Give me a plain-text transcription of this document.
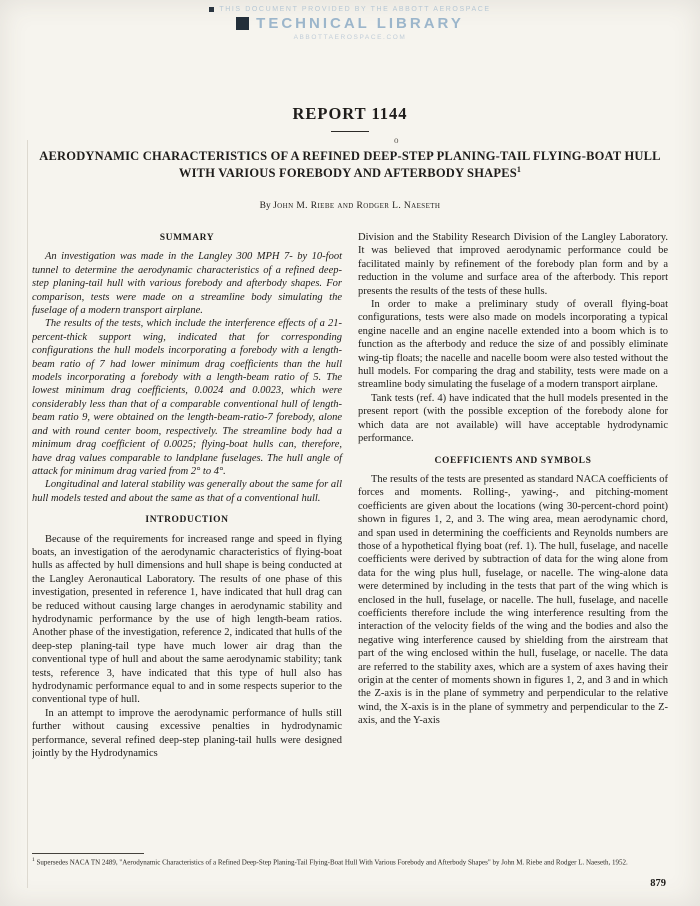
THIS DOCUMENT PROVIDED BY THE ABBOTT AEROSPACE
TECHNICAL LIBRARY
ABBOTTAEROSPACE.COM
REPORT 1144
o
AERODYNAMIC CHARACTERISTICS OF A REFINED DEEP-STEP PLANING-TAIL FLYING-BOAT HULL WITH VARIOUS FOREBODY AND AFTERBODY SHAPES$^1$
By John M. Riebe and Rodger L. Naeseth
SUMMARY

An investigation was made in the Langley 300 MPH 7- by 10-foot tunnel to determine the aerodynamic characteristics of a refined deep-step planing-tail hull with various forebody and afterbody shapes. For comparison, tests were made on a streamline body simulating the fuselage of a modern transport airplane.

The results of the tests, which include the interference effects of a 21-percent-thick support wing, indicated that for corresponding configurations the hull models incorporating a forebody with a length-beam ratio of 7 had lower minimum drag coefficients than the hull models incorporating a forebody with a length-beam ratio of 5. The lowest minimum drag coefficients, 0.0024 and 0.0023, which were considerably less than that of a comparable conventional hull of length-beam ratio 9, were obtained on the length-beam-ratio-7 forebody, alone and with round center boom, respectively. The streamline body had a minimum drag coefficient of 0.0025; flying-boat hulls can, therefore, have drag values comparable to landplane fuselages. The hull angle of attack for minimum drag varied from 2° to 4°.

Longitudinal and lateral stability was generally about the same for all hull models tested and about the same as that of a conventional hull.

INTRODUCTION

Because of the requirements for increased range and speed in flying boats, an investigation of the aerodynamic characteristics of flying-boat hulls as affected by hull dimensions and hull shape is being conducted at the Langley Aeronautical Laboratory. The results of one phase of this investigation, presented in reference 1, have indicated that hull drag can be reduced without causing large changes in aerodynamic stability and hydrodynamic performance by the use of high length-beam ratios. Another phase of the investigation, reference 2, indicated that hulls of the deep-step planing-tail type have much lower air drag than the conventional type of hull and about the same aerodynamic stability; tank tests, reference 3, have indicated that this type of hull also has hydrodynamic performance equal to and in some respects superior to the conventional type of hull.

In an attempt to improve the aerodynamic performance of hulls still further without causing excessive penalties in hydrodynamic performance, several refined deep-step planing-tail hulls were designed jointly by the Hydrodynamics

Division and the Stability Research Division of the Langley Laboratory. It was believed that improved aerodynamic performance could be facilitated mainly by refinement of the forebody plan form and by a reduction in the volume and surface area of the afterbody. This report presents the results of the tests of these hulls.

In order to make a preliminary study of overall flying-boat configurations, tests were also made on models incorporating a typical engine nacelle and an engine nacelle extended into a boom which is to function as the afterbody and reduce the size of and possibly eliminate wing-tip floats; the nacelle and nacelle boom were also tested without the hull models. For comparing the drag and stability, tests were made on a streamline body simulating the fuselage of a modern transport airplane.

Tank tests (ref. 4) have indicated that the hull models presented in the present report (with the possible exception of the forebody alone for which data are not available) will have acceptable hydrodynamic performance.

COEFFICIENTS AND SYMBOLS

The results of the tests are presented as standard NACA coefficients of forces and moments. Rolling-, yawing-, and pitching-moment coefficients are given about the locations (wing 30-percent-chord point) shown in figures 1, 2, and 3. The wing area, mean aerodynamic chord, and span used in determining the coefficients and Reynolds numbers are those of a hypothetical flying boat (ref. 1). The hull, fuselage, and nacelle coefficients were derived by subtraction of data for the wing alone from data for the wing plus hull, fuselage, or nacelle. The wing-alone data were determined by including in the tests that part of the wing which is enclosed in the hull, fuselage, or nacelle. The hull, fuselage, and nacelle coefficients therefore include the wing interference resulting from the interaction of the velocity fields of the wing and the bodies and also the negative wing interference caused by shielding from the airstream that part of the wing enclosed within the hull, fuselage, or nacelle. The data are referred to the stability axes, which are a system of axes having their origin at the center of moments shown in figures 1, 2, and 3 and in which the Z-axis is in the plane of symmetry and perpendicular to the relative wind, the X-axis is in the plane of symmetry and perpendicular to the Z-axis, and the Y-axis

$^1$ Supersedes NACA TN 2489, "Aerodynamic Characteristics of a Refined Deep-Step Planing-Tail Flying-Boat Hull With Various Forebody and Afterbody Shapes" by John M. Riebe and Rodger L. Naeseth, 1952.
879
